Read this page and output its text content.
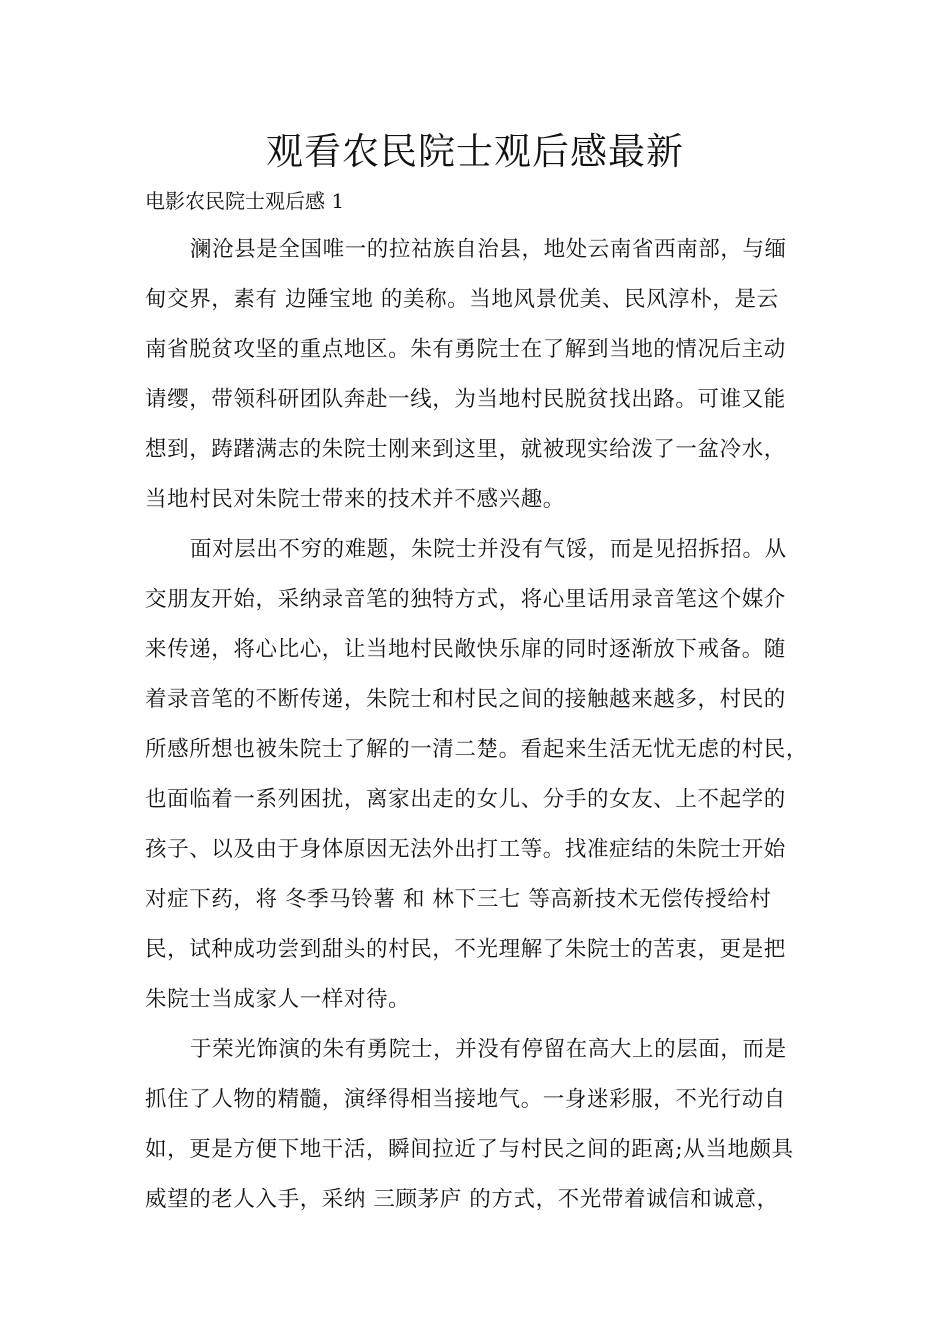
观看农民院士观后感最新
电影农民院士观后感 1
澜沧县是全国唯一的拉祜族自治县，地处云南省西南部，与缅
甸交界，素有 边陲宝地 的美称。当地风景优美、民风淳朴，是云
南省脱贫攻坚的重点地区。朱有勇院士在了解到当地的情况后主动
请缨，带领科研团队奔赴一线，为当地村民脱贫找出路。可谁又能
想到，踌躇满志的朱院士刚来到这里，就被现实给泼了一盆冷水，
当地村民对朱院士带来的技术并不感兴趣。
面对层出不穷的难题，朱院士并没有气馁，而是见招拆招。从
交朋友开始，采纳录音笔的独特方式，将心里话用录音笔这个媒介
来传递，将心比心，让当地村民敞快乐扉的同时逐渐放下戒备。随
着录音笔的不断传递，朱院士和村民之间的接触越来越多，村民的
所感所想也被朱院士了解的一清二楚。看起来生活无忧无虑的村民，
也面临着一系列困扰，离家出走的女儿、分手的女友、上不起学的
孩子、以及由于身体原因无法外出打工等。找准症结的朱院士开始
对症下药，将 冬季马铃薯 和 林下三七 等高新技术无偿传授给村
民，试种成功尝到甜头的村民，不光理解了朱院士的苦衷，更是把
朱院士当成家人一样对待。
于荣光饰演的朱有勇院士，并没有停留在高大上的层面，而是
抓住了人物的精髓，演绎得相当接地气。一身迷彩服，不光行动自
如，更是方便下地干活，瞬间拉近了与村民之间的距离;从当地颇具
威望的老人入手，采纳 三顾茅庐 的方式，不光带着诚信和诚意，
